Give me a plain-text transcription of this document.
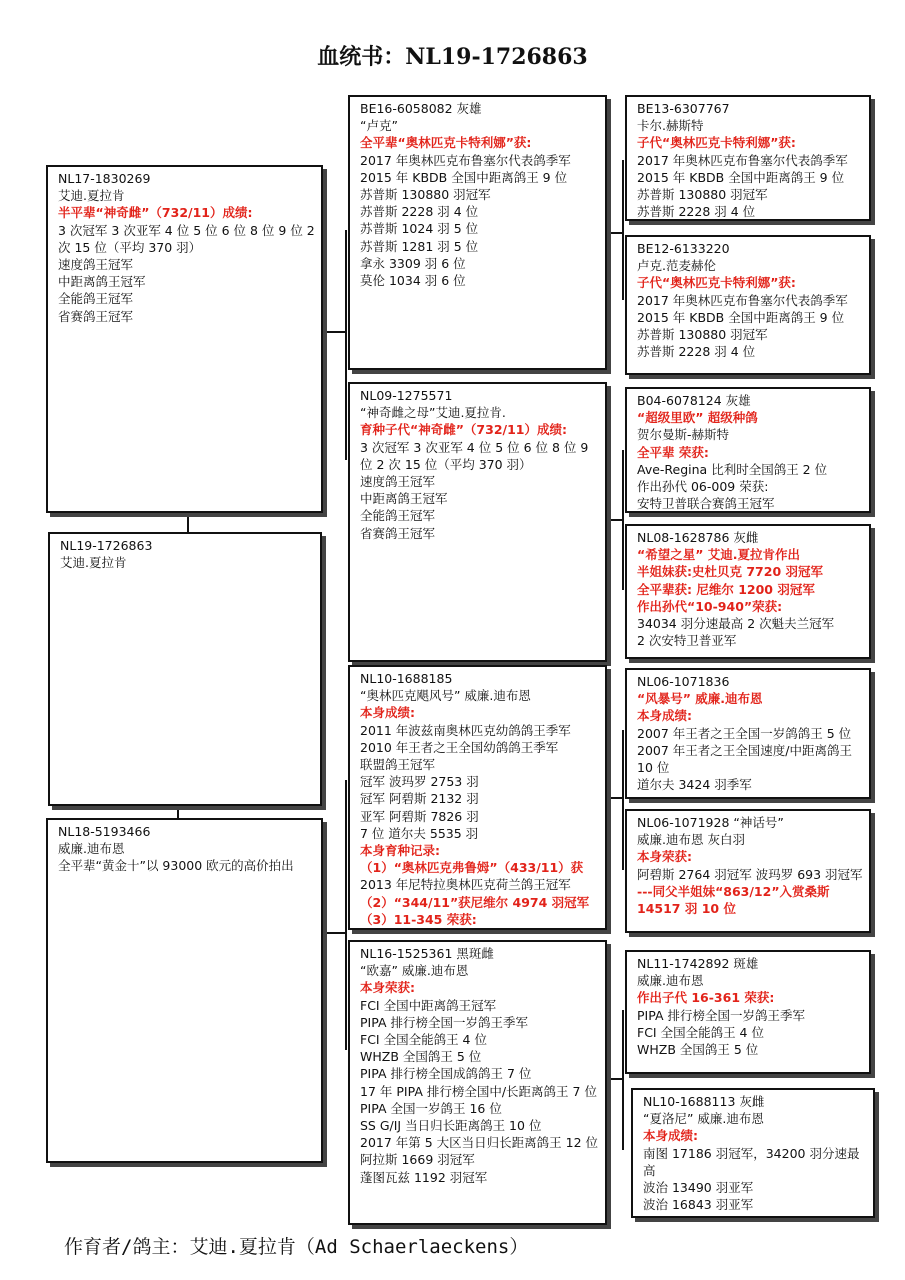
血统书：NL19-1726863
NL17-1830269
艾迪.夏拉肯
半平辈“神奇雌”（732/11）成绩:
3 次冠军 3 次亚军 4 位 5 位 6 位 8 位 9 位 2 次 15 位（平均 370 羽）
速度鸽王冠军
中距离鸽王冠军
全能鸽王冠军
省赛鸽王冠军
NL19-1726863
艾迪.夏拉肯
NL18-5193466
威廉.迪布恩
全平辈“黄金十”以 93000 欧元的高价拍出
BE16-6058082 灰雄
“卢克”
全平辈“奥林匹克卡特利娜”获:
2017 年奥林匹克布鲁塞尔代表鸽季军
2015 年 KBDB 全国中距离鸽王 9 位
苏普斯 130880 羽冠军
苏普斯 2228 羽 4 位
苏普斯 1024 羽 5 位
苏普斯 1281 羽 5 位
拿永 3309 羽 6 位
莫伦 1034 羽 6 位
NL09-1275571
“神奇雌之母”艾迪.夏拉肯.
育种子代“神奇雌”（732/11）成绩:
3 次冠军 3 次亚军 4 位 5 位 6 位 8 位 9 位 2 次 15 位（平均 370 羽）
速度鸽王冠军
中距离鸽王冠军
全能鸽王冠军
省赛鸽王冠军
NL10-1688185
“奥林匹克飓风号” 威廉.迪布恩
本身成绩:
2011 年波兹南奥林匹克幼鸽鸽王季军
2010 年王者之王全国幼鸽鸽王季军
联盟鸽王冠军
冠军 波玛罗 2753 羽
冠军 阿碧斯 2132 羽
亚军 阿碧斯 7826 羽
7 位 道尔夫 5535 羽
本身育种记录:
（1）“奥林匹克弗鲁姆”（433/11）获
2013 年尼特拉奥林匹克荷兰鸽王冠军
（2）“344/11”获尼维尔 4974 羽冠军
（3）11-345 荣获:
NL16-1525361 黑斑雌
“欧嘉” 威廉.迪布恩
本身荣获:
FCI 全国中距离鸽王冠军
PIPA 排行榜全国一岁鸽王季军
FCI 全国全能鸽王 4 位
WHZB 全国鸽王 5 位
PIPA 排行榜全国成鸽鸽王 7 位
17 年 PIPA 排行榜全国中/长距离鸽王 7 位
PIPA 全国一岁鸽王 16 位
SS G/IJ 当日归长距离鸽王 10 位
2017 年第 5 大区当日归长距离鸽王 12 位
阿拉斯 1669 羽冠军
蓬图瓦兹 1192 羽冠军
BE13-6307767
卡尔.赫斯特
子代“奥林匹克卡特利娜”获:
2017 年奥林匹克布鲁塞尔代表鸽季军
2015 年 KBDB 全国中距离鸽王 9 位
苏普斯 130880 羽冠军
苏普斯 2228 羽 4 位
BE12-6133220
卢克.范麦赫伦
子代“奥林匹克卡特利娜”获:
2017 年奥林匹克布鲁塞尔代表鸽季军
2015 年 KBDB 全国中距离鸽王 9 位
苏普斯 130880 羽冠军
苏普斯 2228 羽 4 位
B04-6078124 灰雄
“超级里欧” 超级种鸽
贺尔曼斯-赫斯特
全平辈 荣获:
Ave-Regina 比利时全国鸽王 2 位
作出孙代 06-009 荣获:
安特卫普联合赛鸽王冠军
NL08-1628786 灰雌
“希望之星” 艾迪.夏拉肯作出
半姐妹获:史杜贝克 7720 羽冠军
全平辈获: 尼维尔 1200 羽冠军
作出孙代“10-940”荣获:
34034 羽分速最高 2 次魁夫兰冠军
2 次安特卫普亚军
NL06-1071836
“风暴号” 威廉.迪布恩
本身成绩:
2007 年王者之王全国一岁鸽鸽王 5 位
2007 年王者之王全国速度/中距离鸽王 10 位
道尔夫 3424 羽季军
NL06-1071928 “神话号”
威廉.迪布恩 灰白羽
本身荣获:
阿碧斯 2764 羽冠军 波玛罗 693 羽冠军
---同父半姐妹“863/12”入赏桑斯 14517 羽 10 位
NL11-1742892 斑雄
威廉.迪布恩
作出子代 16-361 荣获:
PIPA 排行榜全国一岁鸽王季军
FCI 全国全能鸽王 4 位
WHZB 全国鸽王 5 位
NL10-1688113 灰雌
“夏洛尼” 威廉.迪布恩
本身成绩:
南图 17186 羽冠军，34200 羽分速最高
波治 13490 羽亚军
波治 16843 羽亚军
作育者/鸽主：艾迪.夏拉肯（Ad Schaerlaeckens）
